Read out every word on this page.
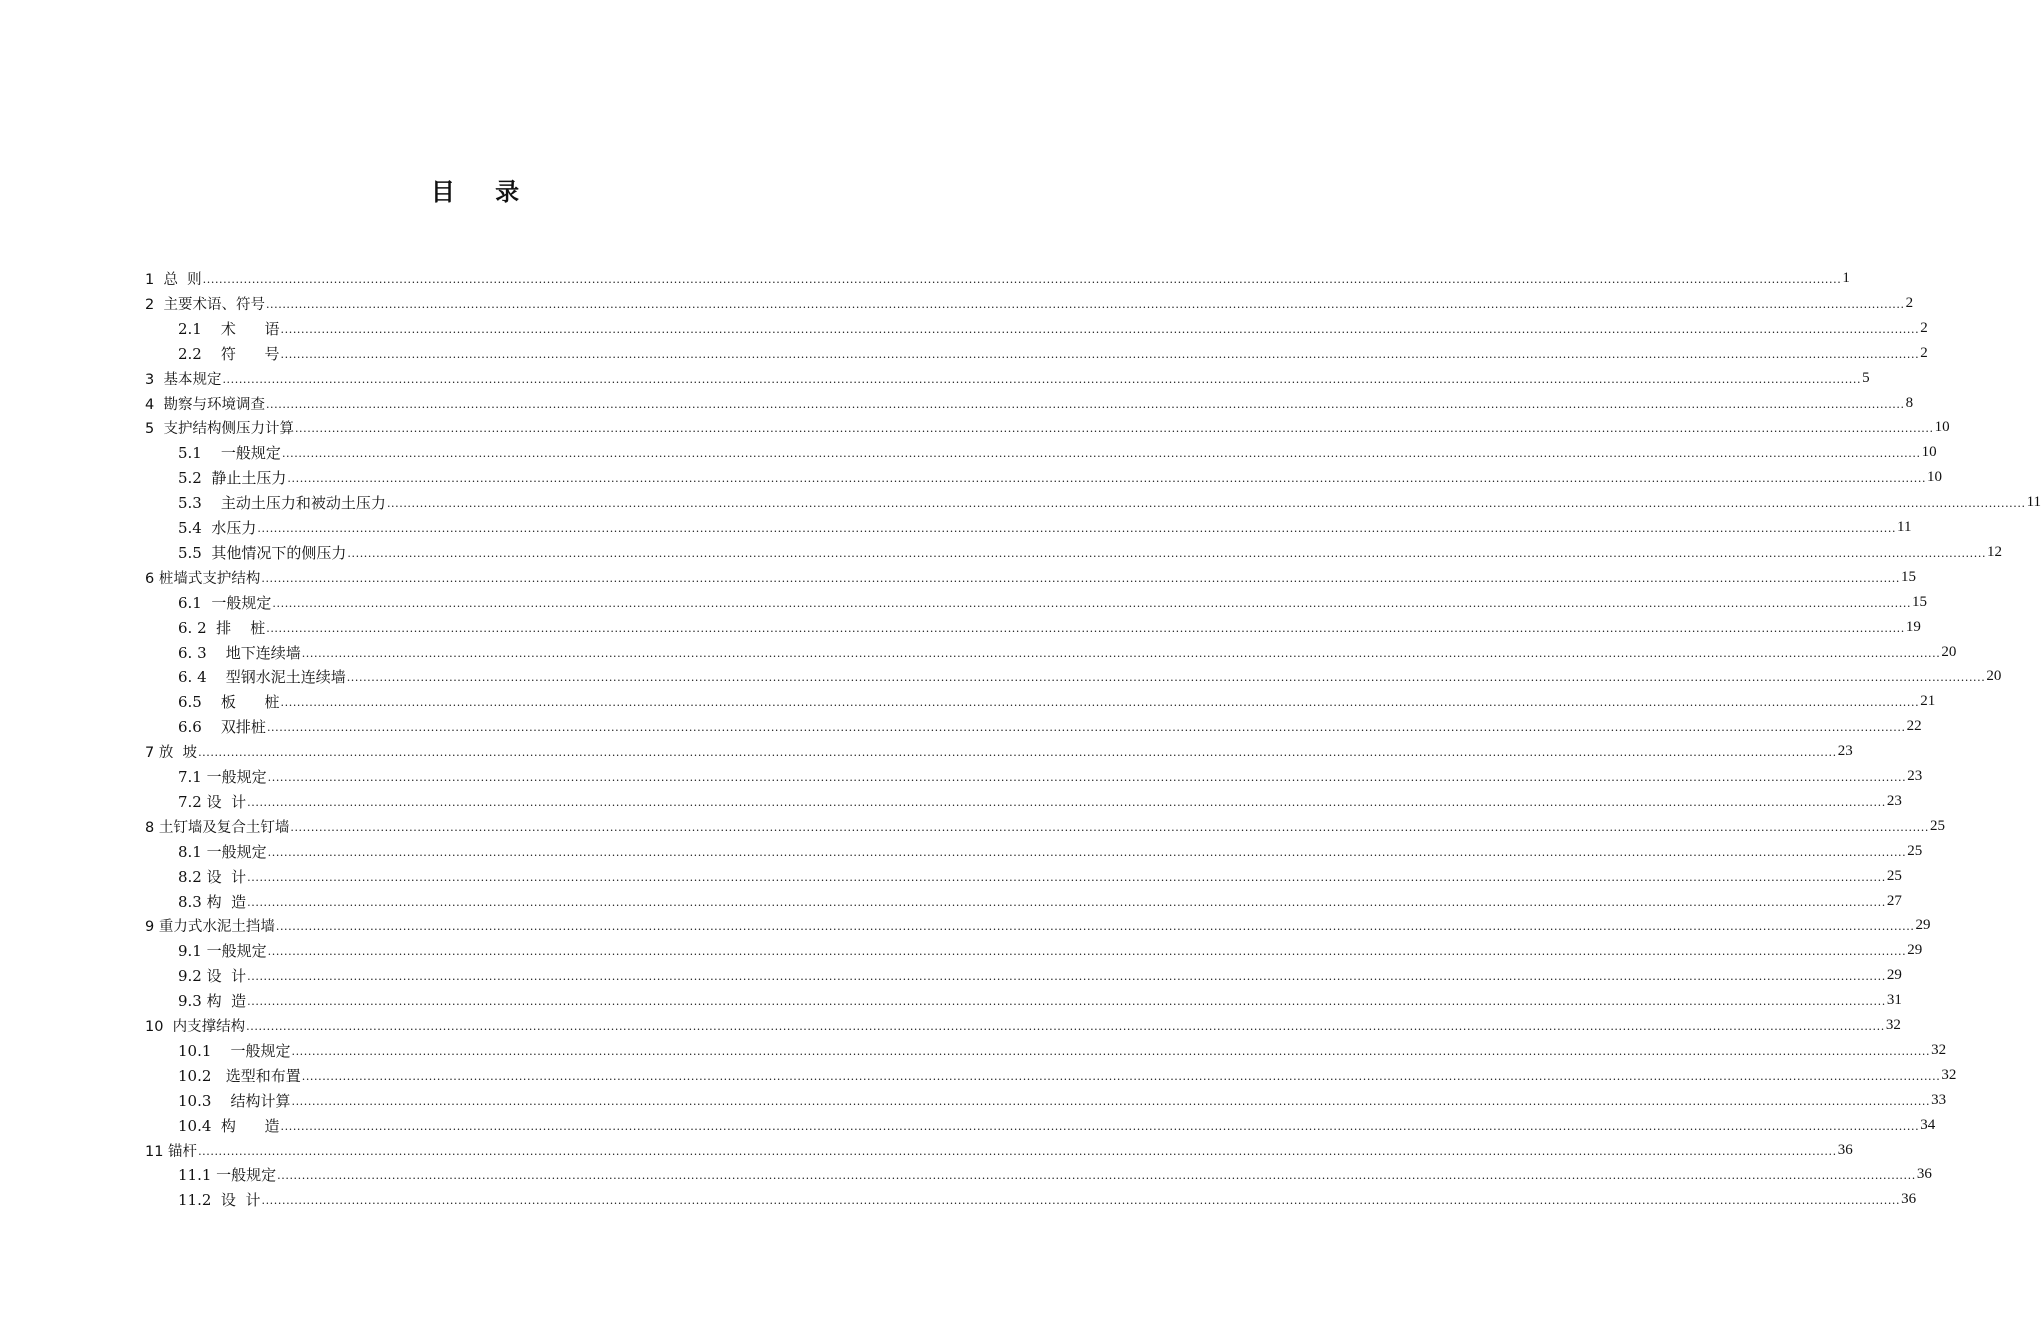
目 录
1  总  则 ................................................................................................................................................................................................................................................................................................................................................................................................................ 1
2  主要术语、符号 ................................................................................................................................................................................................................................................................................................................................................................................................................ 2
2.1    术      语 ................................................................................................................................................................................................................................................................................................................................................................................................................ 2
2.2    符      号 ................................................................................................................................................................................................................................................................................................................................................................................................................ 2
3  基本规定 ................................................................................................................................................................................................................................................................................................................................................................................................................ 5
4  勘察与环境调查 ................................................................................................................................................................................................................................................................................................................................................................................................................ 8
5  支护结构侧压力计算 ................................................................................................................................................................................................................................................................................................................................................................................................................ 10
5.1    一般规定 ................................................................................................................................................................................................................................................................................................................................................................................................................ 10
5.2  静止土压力 ................................................................................................................................................................................................................................................................................................................................................................................................................ 10
5.3    主动土压力和被动土压力 ................................................................................................................................................................................................................................................................................................................................................................................................................ 11
5.4  水压力 ................................................................................................................................................................................................................................................................................................................................................................................................................ 11
5.5  其他情况下的侧压力 ................................................................................................................................................................................................................................................................................................................................................................................................................ 12
6 桩墙式支护结构 ................................................................................................................................................................................................................................................................................................................................................................................................................ 15
6.1  一般规定 ................................................................................................................................................................................................................................................................................................................................................................................................................ 15
6. 2  排    桩 ................................................................................................................................................................................................................................................................................................................................................................................................................ 19
6. 3    地下连续墙 ................................................................................................................................................................................................................................................................................................................................................................................................................ 20
6. 4    型钢水泥土连续墙 ................................................................................................................................................................................................................................................................................................................................................................................................................ 20
6.5    板      桩 ................................................................................................................................................................................................................................................................................................................................................................................................................ 21
6.6    双排桩 ................................................................................................................................................................................................................................................................................................................................................................................................................ 22
7 放  坡 ................................................................................................................................................................................................................................................................................................................................................................................................................ 23
7.1 一般规定 ................................................................................................................................................................................................................................................................................................................................................................................................................ 23
7.2 设  计 ................................................................................................................................................................................................................................................................................................................................................................................................................ 23
8 土钉墙及复合土钉墙 ................................................................................................................................................................................................................................................................................................................................................................................................................ 25
8.1 一般规定 ................................................................................................................................................................................................................................................................................................................................................................................................................ 25
8.2 设  计 ................................................................................................................................................................................................................................................................................................................................................................................................................ 25
8.3 构  造 ................................................................................................................................................................................................................................................................................................................................................................................................................ 27
9 重力式水泥土挡墙 ................................................................................................................................................................................................................................................................................................................................................................................................................ 29
9.1 一般规定 ................................................................................................................................................................................................................................................................................................................................................................................................................ 29
9.2 设  计 ................................................................................................................................................................................................................................................................................................................................................................................................................ 29
9.3 构  造 ................................................................................................................................................................................................................................................................................................................................................................................................................ 31
10  内支撑结构 ................................................................................................................................................................................................................................................................................................................................................................................................................ 32
10.1    一般规定 ................................................................................................................................................................................................................................................................................................................................................................................................................ 32
10.2   选型和布置 ................................................................................................................................................................................................................................................................................................................................................................................................................ 32
10.3    结构计算 ................................................................................................................................................................................................................................................................................................................................................................................................................ 33
10.4  构      造 ................................................................................................................................................................................................................................................................................................................................................................................................................ 34
11 锚杆 ................................................................................................................................................................................................................................................................................................................................................................................................................ 36
11.1 一般规定 ................................................................................................................................................................................................................................................................................................................................................................................................................ 36
11.2  设  计 ................................................................................................................................................................................................................................................................................................................................................................................................................ 36
